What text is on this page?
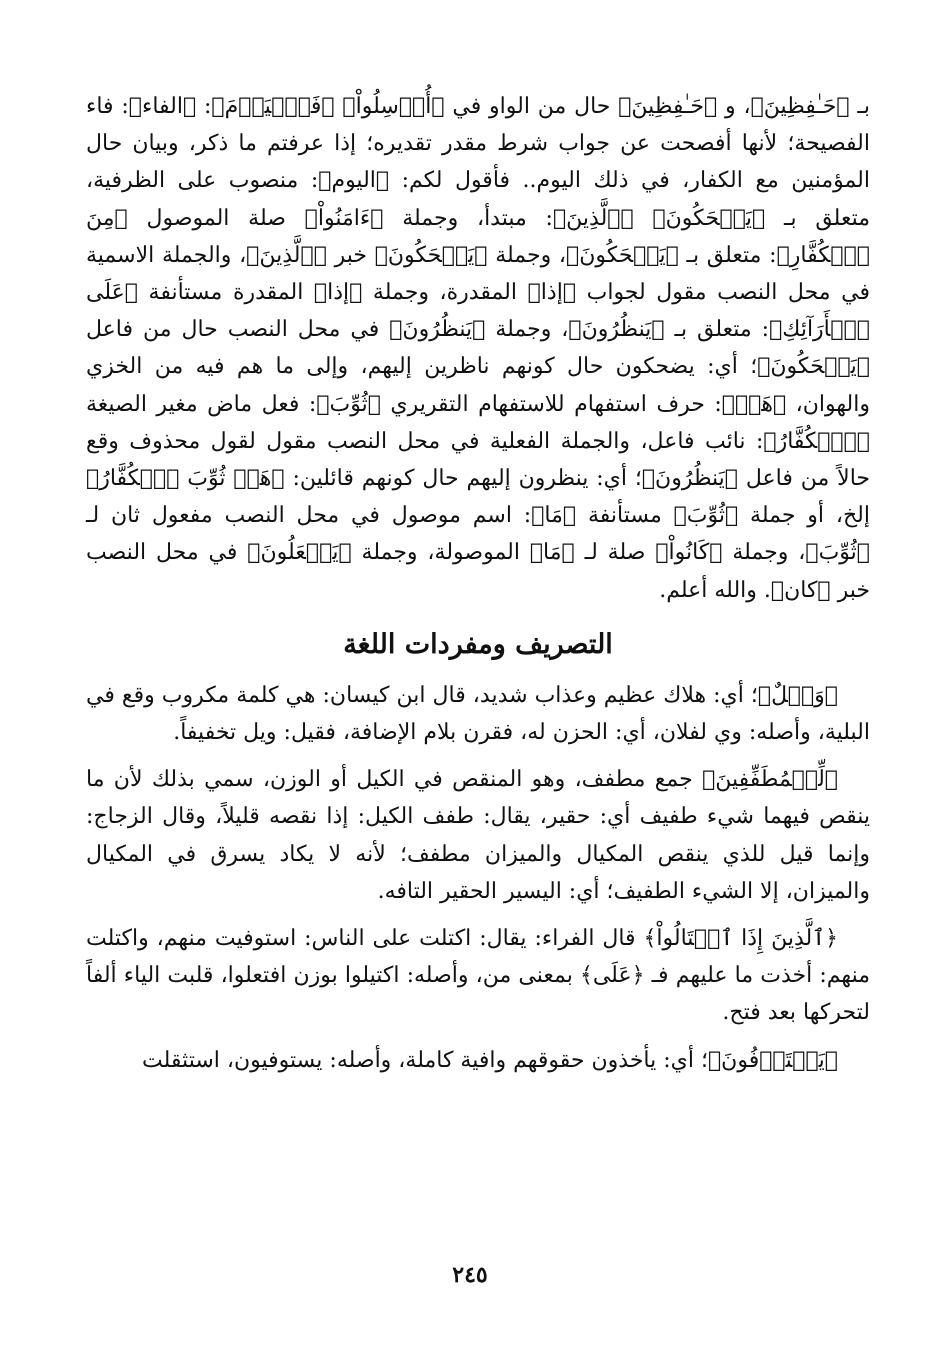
بـ ﴿حَـٰفِظِينَ﴾، و ﴿حَـٰفِظِينَ﴾ حال من الواو في ﴿أُرۡسِلُواْ﴾ ﴿فَٱلۡيَوۡمَ﴾: ﴿الفاء﴾: فاء الفصيحة؛ لأنها أفصحت عن جواب شرط مقدر تقديره؛ إذا عرفتم ما ذكر، وبيان حال المؤمنين مع الكفار، في ذلك اليوم.. فأقول لكم: ﴿اليوم﴾: منصوب على الظرفية، متعلق بـ ﴿يَضۡحَكُونَ﴾ ﴿ٱلَّذِينَ﴾: مبتدأ، وجملة ﴿ءَامَنُواْ﴾ صلة الموصول ﴿مِنَ ٱلۡكُفَّارِ﴾: متعلق بـ ﴿يَضۡحَكُونَ﴾، وجملة ﴿يَضۡحَكُونَ﴾ خبر ﴿ٱلَّذِينَ﴾، والجملة الاسمية في محل النصب مقول لجواب ﴿إذا﴾ المقدرة، وجملة ﴿إذا﴾ المقدرة مستأنفة ﴿عَلَى ٱلۡأَرَآئِكِ﴾: متعلق بـ ﴿يَنظُرُونَ﴾، وجملة ﴿يَنظُرُونَ﴾ في محل النصب حال من فاعل ﴿يَضۡحَكُونَ﴾؛ أي: يضحكون حال كونهم ناظرين إليهم، وإلى ما هم فيه من الخزي والهوان، ﴿هَلۡ﴾: حرف استفهام للاستفهام التقريري ﴿ثُوِّبَ﴾: فعل ماض مغير الصيغة ﴿ٱلۡكُفَّارُ﴾: نائب فاعل، والجملة الفعلية في محل النصب مقول لقول محذوف وقع حالاً من فاعل ﴿يَنظُرُونَ﴾؛ أي: ينظرون إليهم حال كونهم قائلين: ﴿هَلۡ ثُوِّبَ ٱلۡكُفَّارُ﴾ إلخ، أو جملة ﴿ثُوِّبَ﴾ مستأنفة ﴿مَا﴾: اسم موصول في محل النصب مفعول ثان لـ ﴿ثُوِّبَ﴾، وجملة ﴿كَانُواْ﴾ صلة لـ ﴿مَا﴾ الموصولة، وجملة ﴿يَفۡعَلُونَ﴾ في محل النصب خبر ﴿كان﴾. والله أعلم.

التصريف ومفردات اللغة

﴿وَيۡلٌ﴾؛ أي: هلاك عظيم وعذاب شديد، قال ابن كيسان: هي كلمة مكروب وقع في البلية، وأصله: وي لفلان، أي: الحزن له، فقرن بلام الإضافة، فقيل: ويل تخفيفاً.

﴿لِّلۡمُطَفِّفِينَ﴾ جمع مطفف، وهو المنقص في الكيل أو الوزن، سمي بذلك لأن ما ينقص فيهما شيء طفيف أي: حقير، يقال: طفف الكيل: إذا نقصه قليلاً، وقال الزجاج: وإنما قيل للذي ينقص المكيال والميزان مطفف؛ لأنه لا يكاد يسرق في المكيال والميزان، إلا الشيء الطفيف؛ أي: اليسير الحقير التافه.

﴿ٱلَّذِينَ إِذَا ٱكۡتَالُواْ﴾ قال الفراء: يقال: اكتلت على الناس: استوفيت منهم، واكتلت منهم: أخذت ما عليهم فـ ﴿عَلَى﴾ بمعنى من، وأصله: اكتيلوا بوزن افتعلوا، قلبت الياء ألفاً لتحركها بعد فتح.

﴿يَسۡتَوۡفُونَ﴾؛ أي: يأخذون حقوقهم وافية كاملة، وأصله: يستوفيون، استثقلت

٢٤٥
